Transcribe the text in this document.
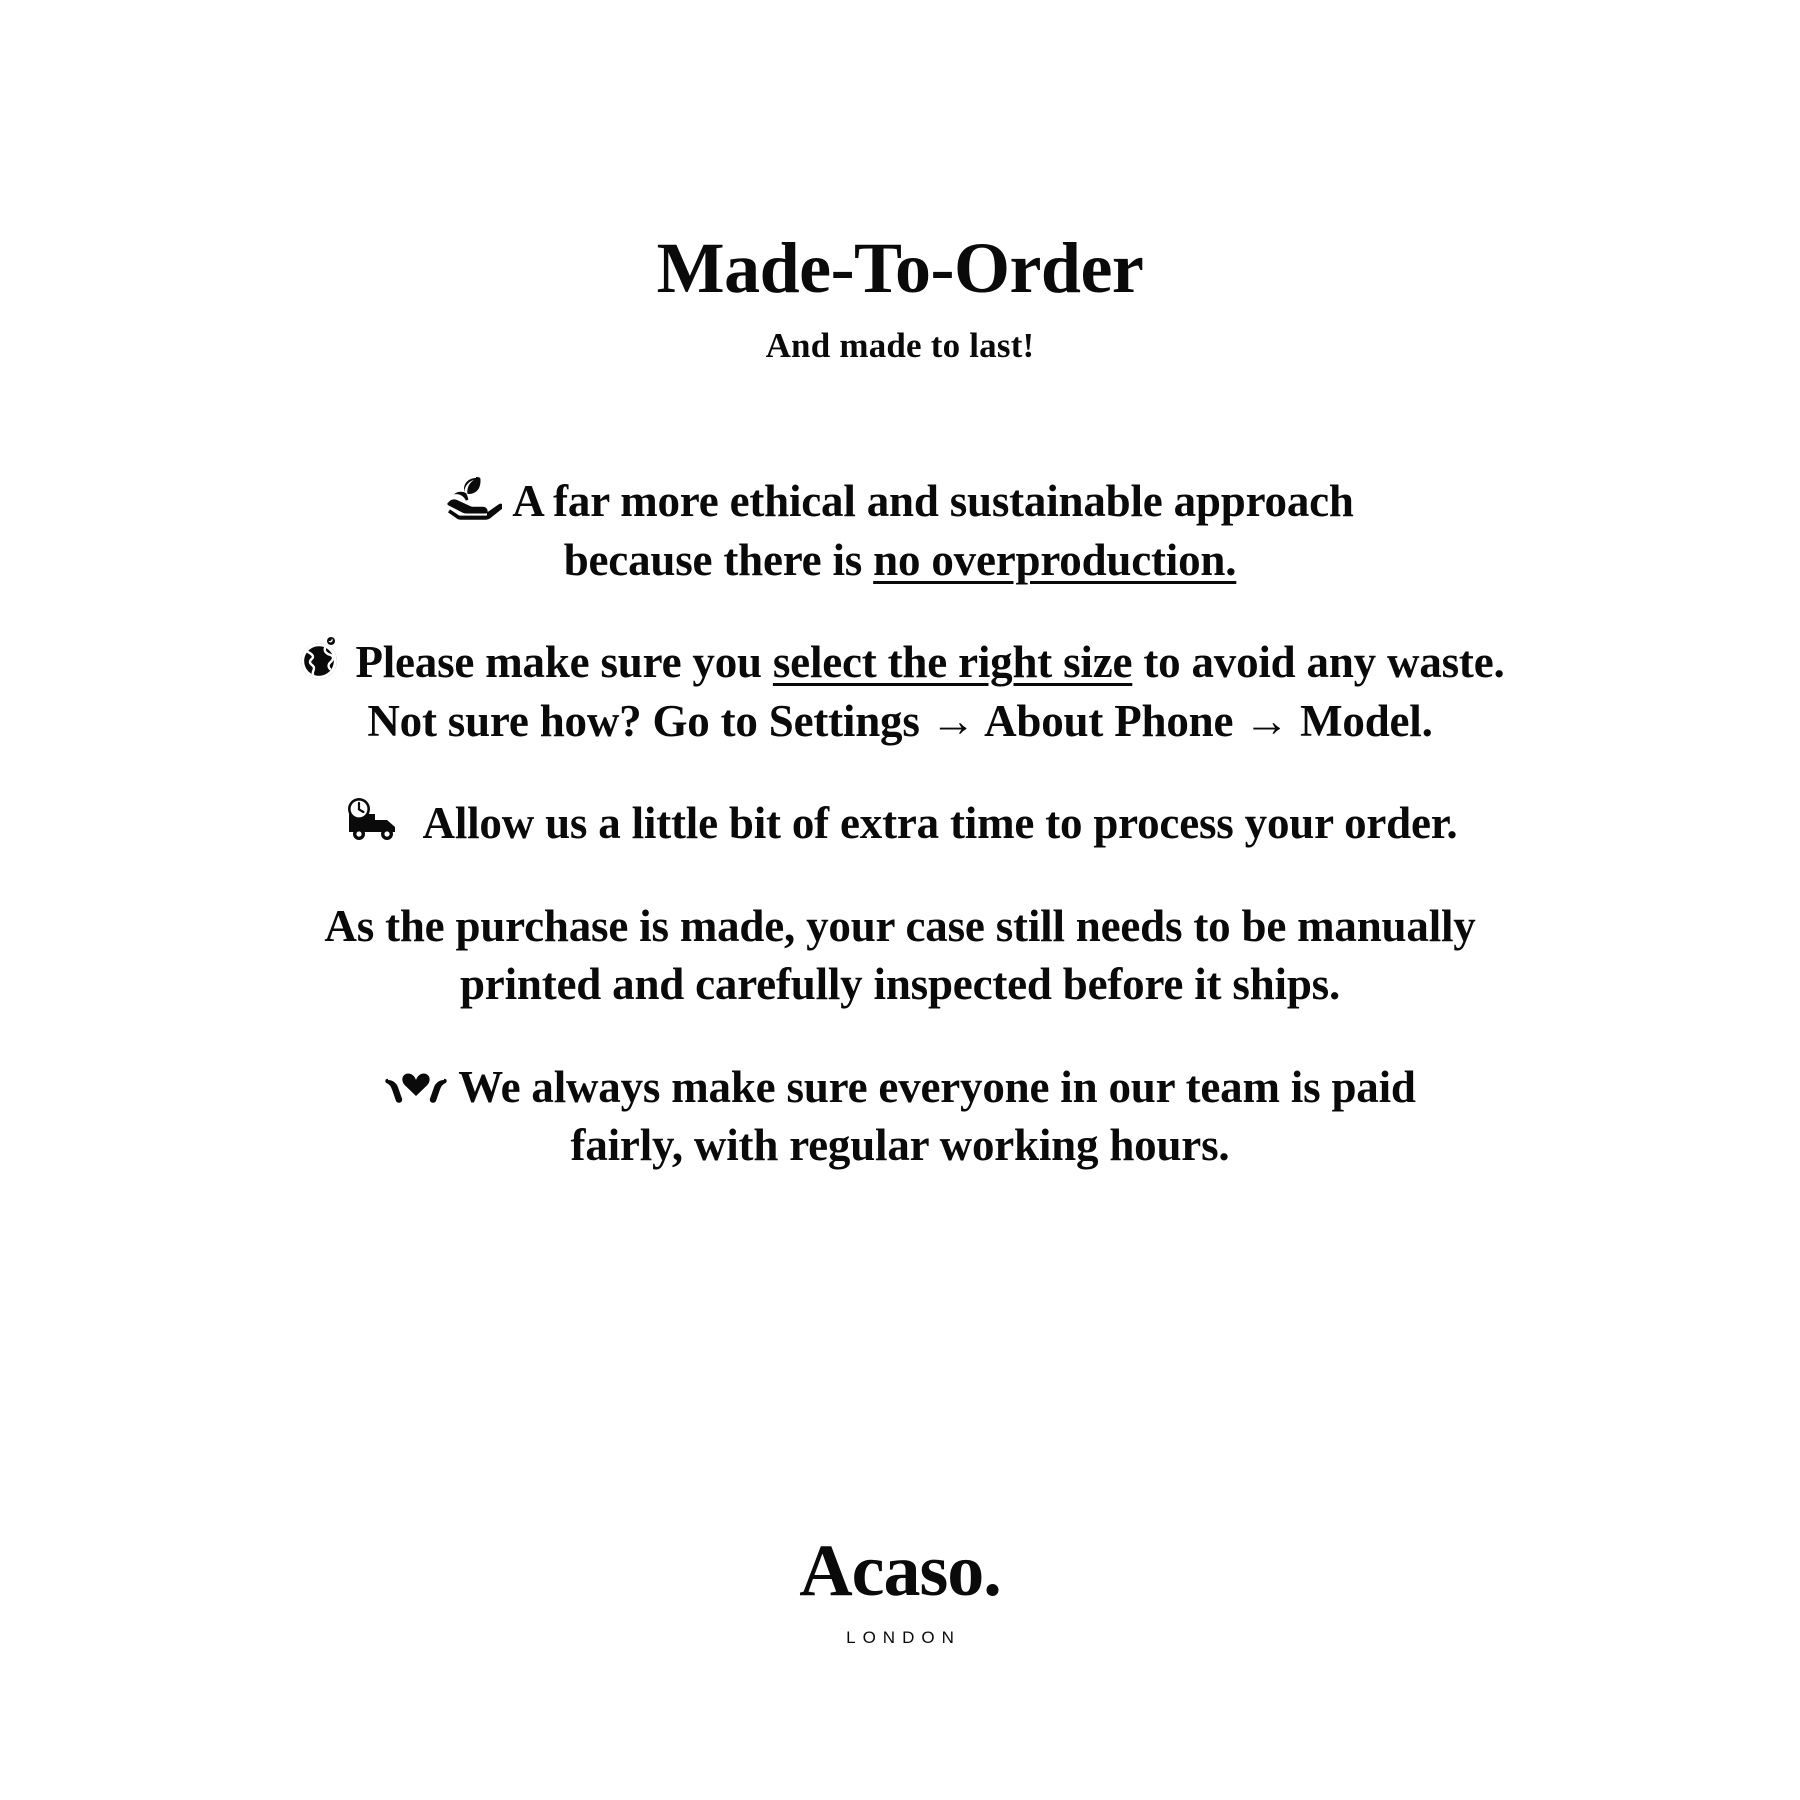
Made-To-Order
And made to last!
A far more ethical and sustainable approach
because there is no overproduction.
Please make sure you select the right size to avoid any waste.
Not sure how? Go to Settings → About Phone → Model.
Allow us a little bit of extra time to process your order.
As the purchase is made, your case still needs to be manually
printed and carefully inspected before it ships.
We always make sure everyone in our team is paid
fairly, with regular working hours.
Acaso.
LONDON
